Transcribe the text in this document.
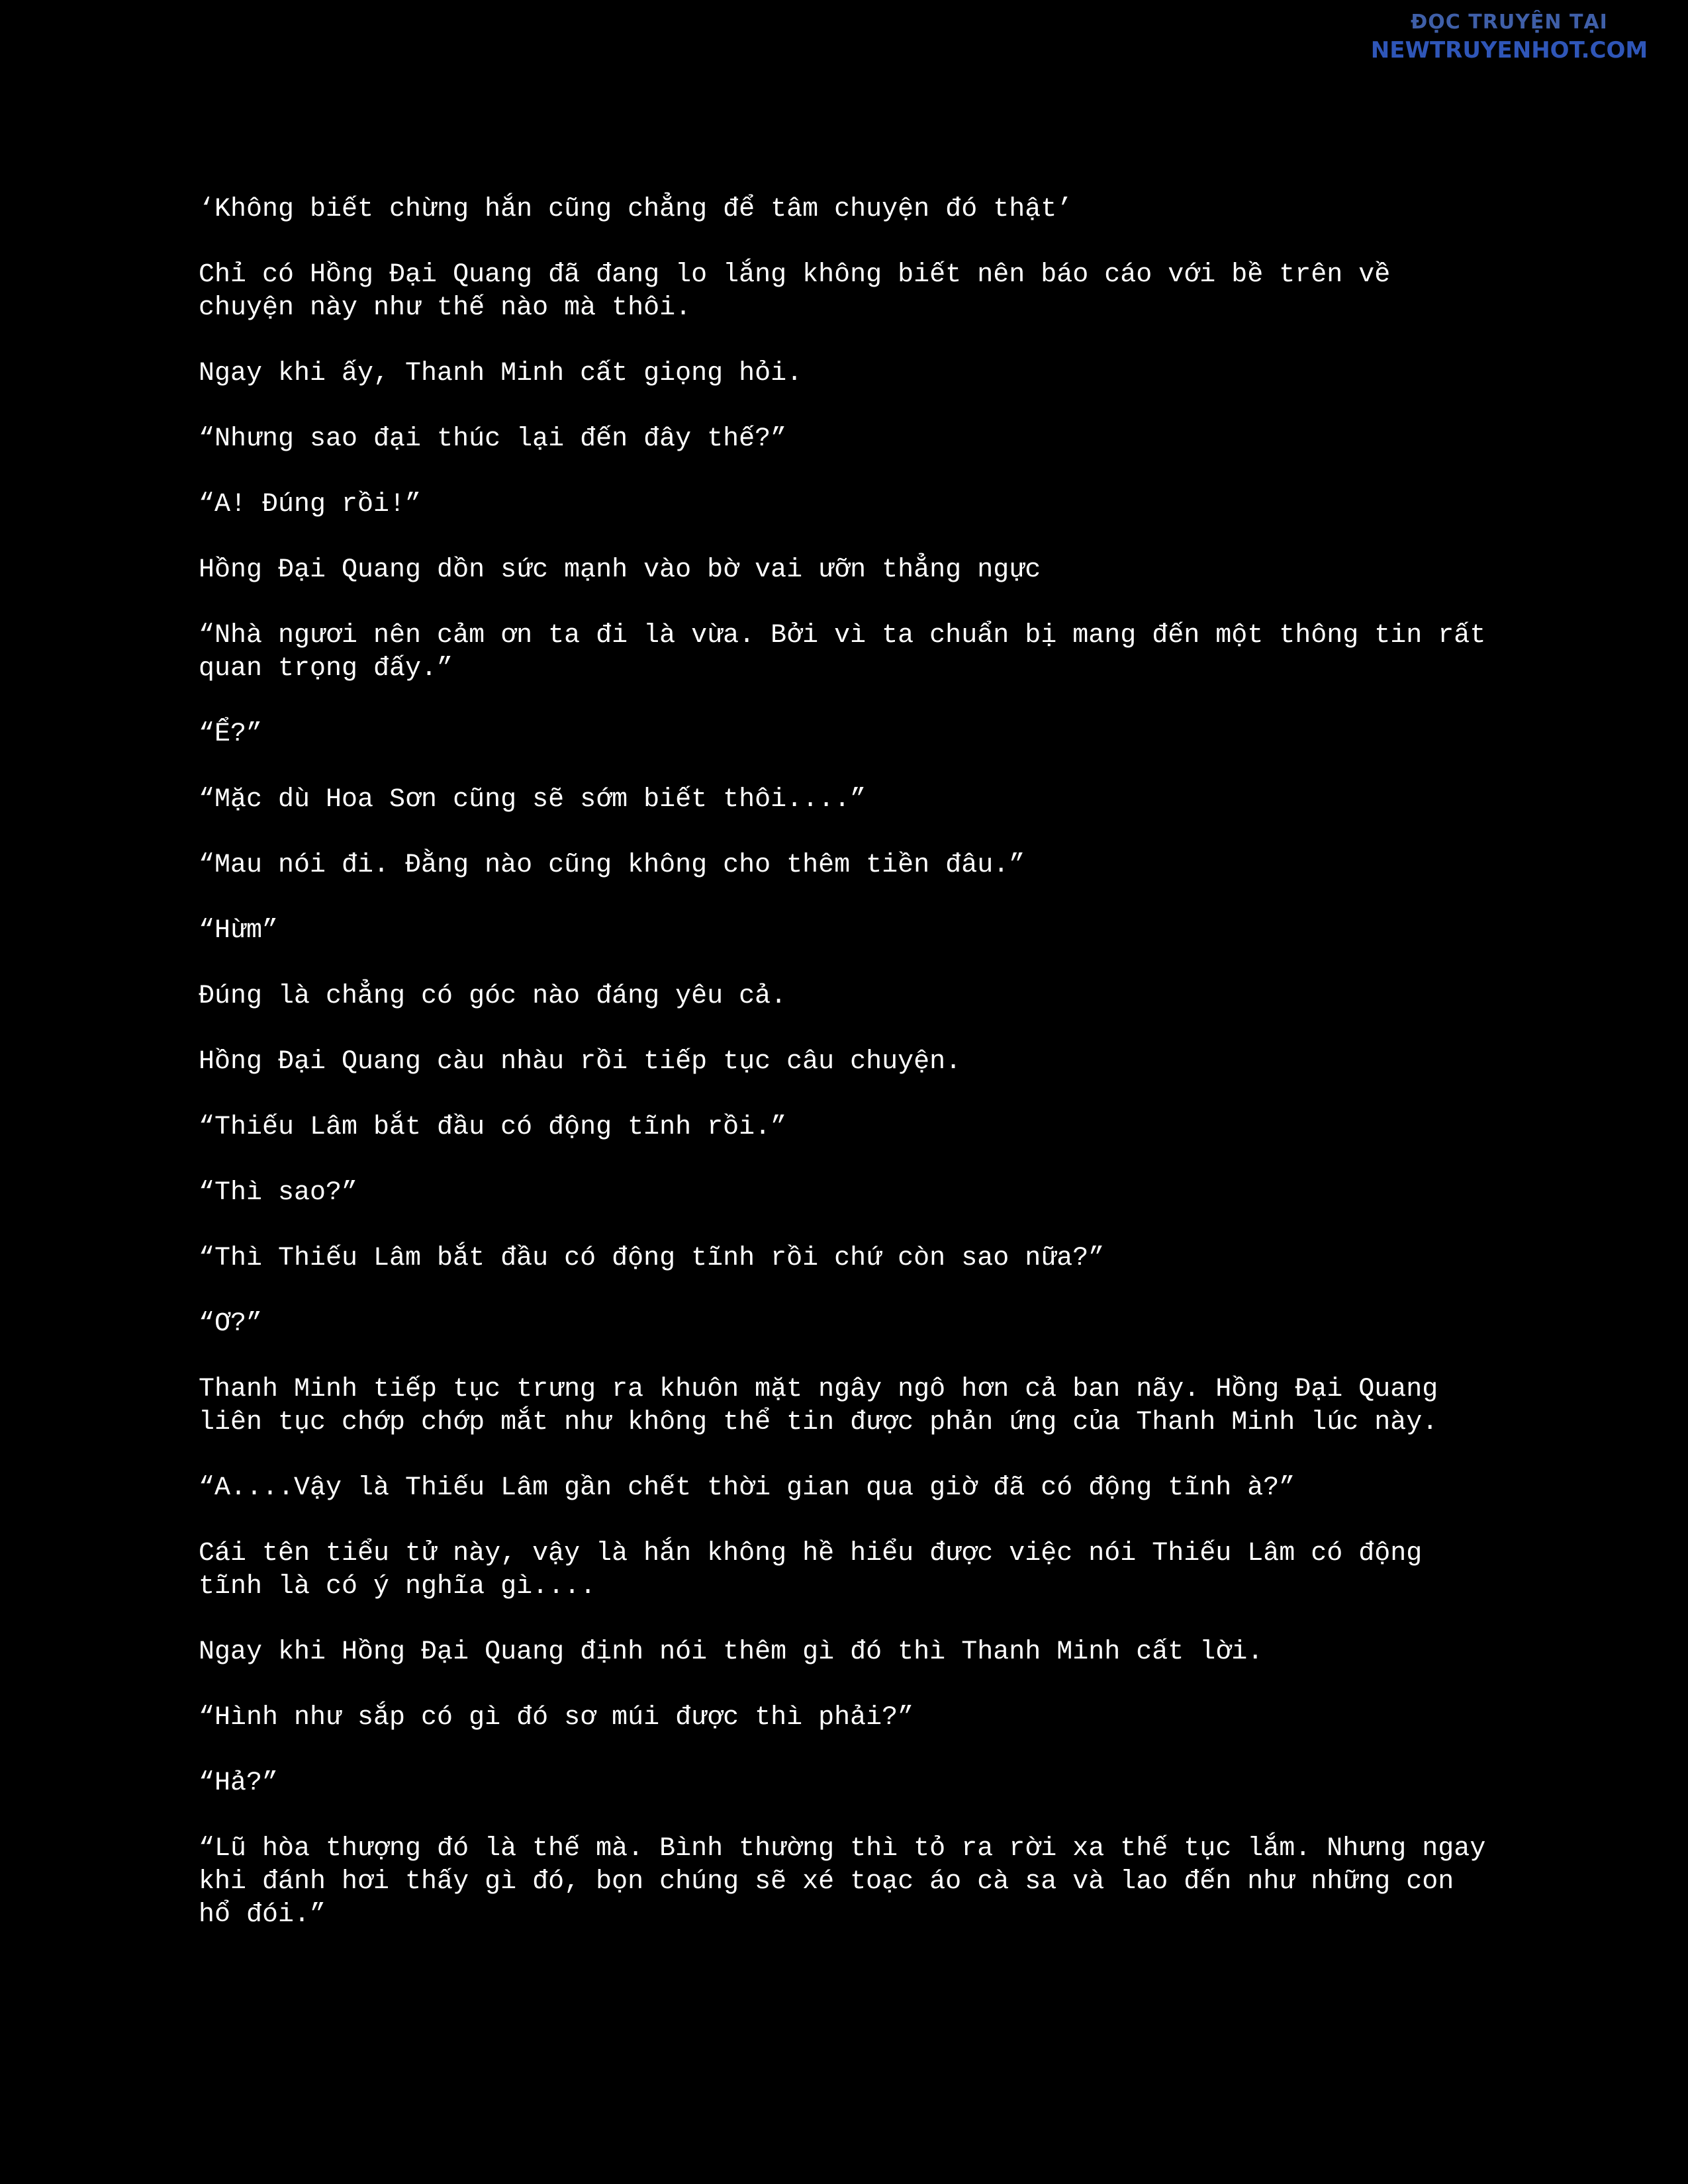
ĐỌC TRUYỆN TẠI
NEWTRUYENHOT.COM

‘Không biết chừng hắn cũng chẳng để tâm chuyện đó thật’

Chỉ có Hồng Đại Quang đã đang lo lắng không biết nên báo cáo với bề trên về chuyện này như thế nào mà thôi.

Ngay khi ấy, Thanh Minh cất giọng hỏi.

“Nhưng sao đại thúc lại đến đây thế?”

“A! Đúng rồi!”

Hồng Đại Quang dồn sức mạnh vào bờ vai ưỡn thẳng ngực

“Nhà ngươi nên cảm ơn ta đi là vừa. Bởi vì ta chuẩn bị mang đến một thông tin rất quan trọng đấy.”

“Ể?”

“Mặc dù Hoa Sơn cũng sẽ sớm biết thôi....”

“Mau nói đi. Đằng nào cũng không cho thêm tiền đâu.”

“Hừm”

Đúng là chẳng có góc nào đáng yêu cả.

Hồng Đại Quang càu nhàu rồi tiếp tục câu chuyện.

“Thiếu Lâm bắt đầu có động tĩnh rồi.”

“Thì sao?”

“Thì Thiếu Lâm bắt đầu có động tĩnh rồi chứ còn sao nữa?”

“Ơ?”

Thanh Minh tiếp tục trưng ra khuôn mặt ngây ngô hơn cả ban nãy. Hồng Đại Quang liên tục chớp chớp mắt như không thể tin được phản ứng của Thanh Minh lúc này.

“A....Vậy là Thiếu Lâm gần chết thời gian qua giờ đã có động tĩnh à?”

Cái tên tiểu tử này, vậy là hắn không hề hiểu được việc nói Thiếu Lâm có động tĩnh là có ý nghĩa gì....

Ngay khi Hồng Đại Quang định nói thêm gì đó thì Thanh Minh cất lời.

“Hình như sắp có gì đó sơ múi được thì phải?”

“Hả?”

“Lũ hòa thượng đó là thế mà. Bình thường thì tỏ ra rời xa thế tục lắm. Nhưng ngay khi đánh hơi thấy gì đó, bọn chúng sẽ xé toạc áo cà sa và lao đến như những con hổ đói.”
